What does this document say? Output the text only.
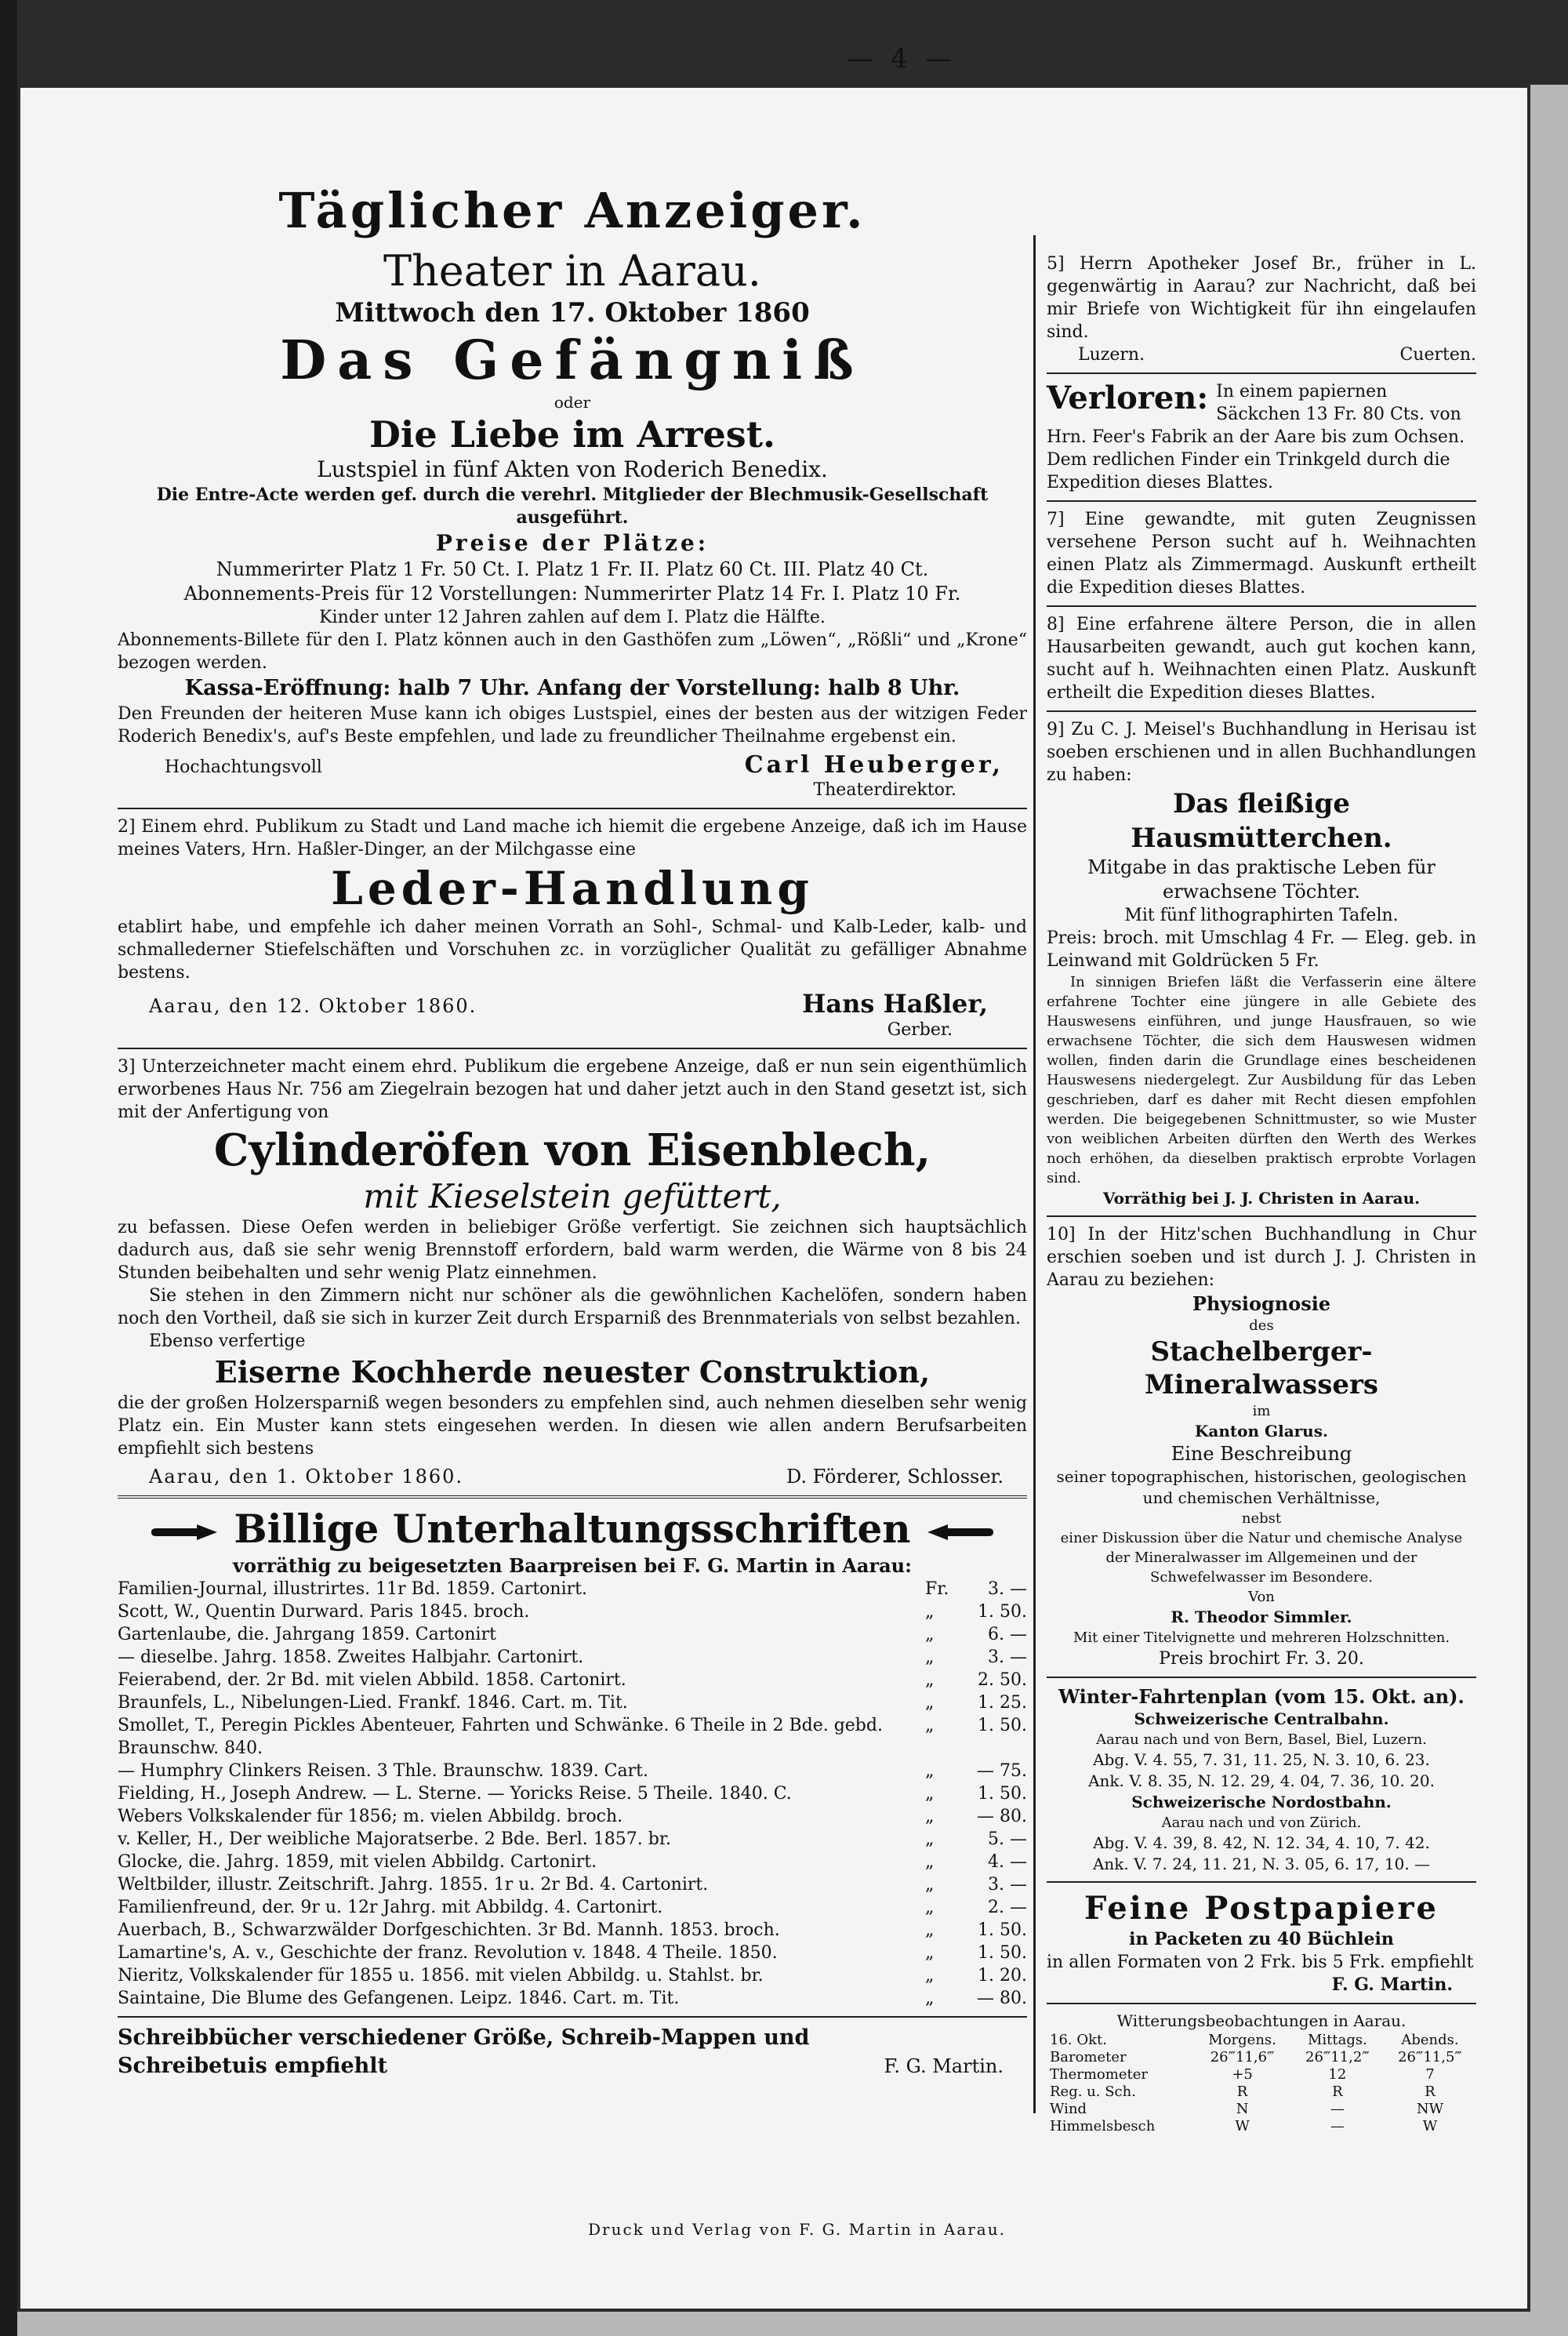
— 4 —
Täglicher Anzeiger.
Theater in Aarau.
Mittwoch den 17. Oktober 1860
Das Gefängniß
oder
Die Liebe im Arrest.
Lustspiel in fünf Akten von Roderich Benedix.
Die Entre-Acte werden gef. durch die verehrl. Mitglieder der Blechmusik-Gesellschaft ausgeführt.
Preise der Plätze:
Nummerirter Platz 1 Fr. 50 Ct. I. Platz 1 Fr. II. Platz 60 Ct. III. Platz 40 Ct.
Abonnements-Preis für 12 Vorstellungen: Nummerirter Platz 14 Fr. I. Platz 10 Fr.
Kinder unter 12 Jahren zahlen auf dem I. Platz die Hälfte.
Abonnements-Billete für den I. Platz können auch in den Gasthöfen zum „Löwen“, „Rößli“ und „Krone“ bezogen werden.
Kassa-Eröffnung: halb 7 Uhr. Anfang der Vorstellung: halb 8 Uhr.
Den Freunden der heiteren Muse kann ich obiges Lustspiel, eines der besten aus der witzigen Feder Roderich Benedix's, auf's Beste empfehlen, und lade zu freundlicher Theilnahme ergebenst ein.
Hochachtungsvoll	Carl Heuberger,
Theaterdirektor.
2] Einem ehrd. Publikum zu Stadt und Land mache ich hiemit die ergebene Anzeige, daß ich im Hause meines Vaters, Hrn. Haßler-Dinger, an der Milchgasse eine
Leder-Handlung
etablirt habe, und empfehle ich daher meinen Vorrath an Sohl-, Schmal- und Kalb-Leder, kalb- und schmallederner Stiefelschäften und Vorschuhen zc. in vorzüglicher Qualität zu gefälliger Abnahme bestens.
Aarau, den 12. Oktober 1860.	Hans Haßler,
Gerber.
3] Unterzeichneter macht einem ehrd. Publikum die ergebene Anzeige, daß er nun sein eigenthümlich erworbenes Haus Nr. 756 am Ziegelrain bezogen hat und daher jetzt auch in den Stand gesetzt ist, sich mit der Anfertigung von
Cylinderöfen von Eisenblech,
mit Kieselstein gefüttert,
zu befassen. Diese Oefen werden in beliebiger Größe verfertigt. Sie zeichnen sich hauptsächlich dadurch aus, daß sie sehr wenig Brennstoff erfordern, bald warm werden, die Wärme von 8 bis 24 Stunden beibehalten und sehr wenig Platz einnehmen.
Sie stehen in den Zimmern nicht nur schöner als die gewöhnlichen Kachelöfen, sondern haben noch den Vortheil, daß sie sich in kurzer Zeit durch Ersparniß des Brennmaterials von selbst bezahlen.
Ebenso verfertige
Eiserne Kochherde neuester Construktion,
die der großen Holzersparniß wegen besonders zu empfehlen sind, auch nehmen dieselben sehr wenig Platz ein. Ein Muster kann stets eingesehen werden. In diesen wie allen andern Berufsarbeiten empfiehlt sich bestens
Aarau, den 1. Oktober 1860.	D. Förderer, Schlosser.
Billige Unterhaltungsschriften
vorräthig zu beigesetzten Baarpreisen bei F. G. Martin in Aarau:
Familien-Journal, illustrirtes. 11r Bd. 1859. Cartonirt.	Fr.	3. —
Scott, W., Quentin Durward. Paris 1845. broch.	„	1. 50.
Gartenlaube, die. Jahrgang 1859. Cartonirt	„	6. —
— dieselbe. Jahrg. 1858. Zweites Halbjahr. Cartonirt.	„	3. —
Feierabend, der. 2r Bd. mit vielen Abbild. 1858. Cartonirt.	„	2. 50.
Braunfels, L., Nibelungen-Lied. Frankf. 1846. Cart. m. Tit.	„	1. 25.
Smollet, T., Peregin Pickles Abenteuer, Fahrten und Schwänke. 6 Theile in 2 Bde. gebd. Braunschw. 840.	„	1. 50.
— Humphry Clinkers Reisen. 3 Thle. Braunschw. 1839. Cart.	„	— 75.
Fielding, H., Joseph Andrew. — L. Sterne. — Yoricks Reise. 5 Theile. 1840. C.	„	1. 50.
Webers Volkskalender für 1856; m. vielen Abbildg. broch.	„	— 80.
v. Keller, H., Der weibliche Majoratserbe. 2 Bde. Berl. 1857. br.	„	5. —
Glocke, die. Jahrg. 1859, mit vielen Abbildg. Cartonirt.	„	4. —
Weltbilder, illustr. Zeitschrift. Jahrg. 1855. 1r u. 2r Bd. 4. Cartonirt.	„	3. —
Familienfreund, der. 9r u. 12r Jahrg. mit Abbildg. 4. Cartonirt.	„	2. —
Auerbach, B., Schwarzwälder Dorfgeschichten. 3r Bd. Mannh. 1853. broch.	„	1. 50.
Lamartine's, A. v., Geschichte der franz. Revolution v. 1848. 4 Theile. 1850.	„	1. 50.
Nieritz, Volkskalender für 1855 u. 1856. mit vielen Abbildg. u. Stahlst. br.	„	1. 20.
Saintaine, Die Blume des Gefangenen. Leipz. 1846. Cart. m. Tit.	„	— 80.
Schreibbücher verschiedener Größe, Schreib-Mappen und
Schreibetuis empfiehlt	F. G. Martin.
Druck und Verlag von F. G. Martin in Aarau.
5] Herrn Apotheker Josef Br., früher in L. gegenwärtig in Aarau? zur Nachricht, daß bei mir Briefe von Wichtigkeit für ihn eingelaufen sind.
Luzern.	Cuerten.
Verloren: In einem papiernen Säckchen 13 Fr. 80 Cts. von Hrn. Feer's Fabrik an der Aare bis zum Ochsen. Dem redlichen Finder ein Trinkgeld durch die Expedition dieses Blattes.
7] Eine gewandte, mit guten Zeugnissen versehene Person sucht auf h. Weihnachten einen Platz als Zimmermagd. Auskunft ertheilt die Expedition dieses Blattes.
8] Eine erfahrene ältere Person, die in allen Hausarbeiten gewandt, auch gut kochen kann, sucht auf h. Weihnachten einen Platz. Auskunft ertheilt die Expedition dieses Blattes.
9] Zu C. J. Meisel's Buchhandlung in Herisau ist soeben erschienen und in allen Buchhandlungen zu haben:
Das fleißige Hausmütterchen.
Mitgabe in das praktische Leben für erwachsene Töchter.
Mit fünf lithographirten Tafeln.
Preis: broch. mit Umschlag 4 Fr. — Eleg. geb. in Leinwand mit Goldrücken 5 Fr.
In sinnigen Briefen läßt die Verfasserin eine ältere erfahrene Tochter eine jüngere in alle Gebiete des Hauswesens einführen, und junge Hausfrauen, so wie erwachsene Töchter, die sich dem Hauswesen widmen wollen, finden darin die Grundlage eines bescheidenen Hauswesens niedergelegt. Zur Ausbildung für das Leben geschrieben, darf es daher mit Recht diesen empfohlen werden. Die beigegebenen Schnittmuster, so wie Muster von weiblichen Arbeiten dürften den Werth des Werkes noch erhöhen, da dieselben praktisch erprobte Vorlagen sind.
Vorräthig bei J. J. Christen in Aarau.
10] In der Hitz'schen Buchhandlung in Chur erschien soeben und ist durch J. J. Christen in Aarau zu beziehen:
Physiognosie
des
Stachelberger-Mineralwassers
im
Kanton Glarus.
Eine Beschreibung
seiner topographischen, historischen, geologischen und chemischen Verhältnisse,
nebst
einer Diskussion über die Natur und chemische Analyse der Mineralwasser im Allgemeinen und der Schwefelwasser im Besondere.
Von
R. Theodor Simmler.
Mit einer Titelvignette und mehreren Holzschnitten.
Preis brochirt Fr. 3. 20.
Winter-Fahrtenplan (vom 15. Okt. an).
Schweizerische Centralbahn.
Aarau nach und von Bern, Basel, Biel, Luzern.
Abg. V. 4. 55, 7. 31, 11. 25, N. 3. 10, 6. 23.
Ank. V. 8. 35, N. 12. 29, 4. 04, 7. 36, 10. 20.
Schweizerische Nordostbahn.
Aarau nach und von Zürich.
Abg. V. 4. 39, 8. 42, N. 12. 34, 4. 10, 7. 42.
Ank. V. 7. 24, 11. 21, N. 3. 05, 6. 17, 10. —
Feine Postpapiere
in Packeten zu 40 Büchlein
in allen Formaten von 2 Frk. bis 5 Frk. empfiehlt
F. G. Martin.
Witterungsbeobachtungen in Aarau.
16. Okt.	Morgens.	Mittags.	Abends.
Barometer	26‴11,6‴	26‴11,2‴	26‴11,5‴
Thermometer	+5	12	7
Reg. u. Sch.	R	R	R
Wind	N	—	NW
Himmelsbesch	W	—	W
